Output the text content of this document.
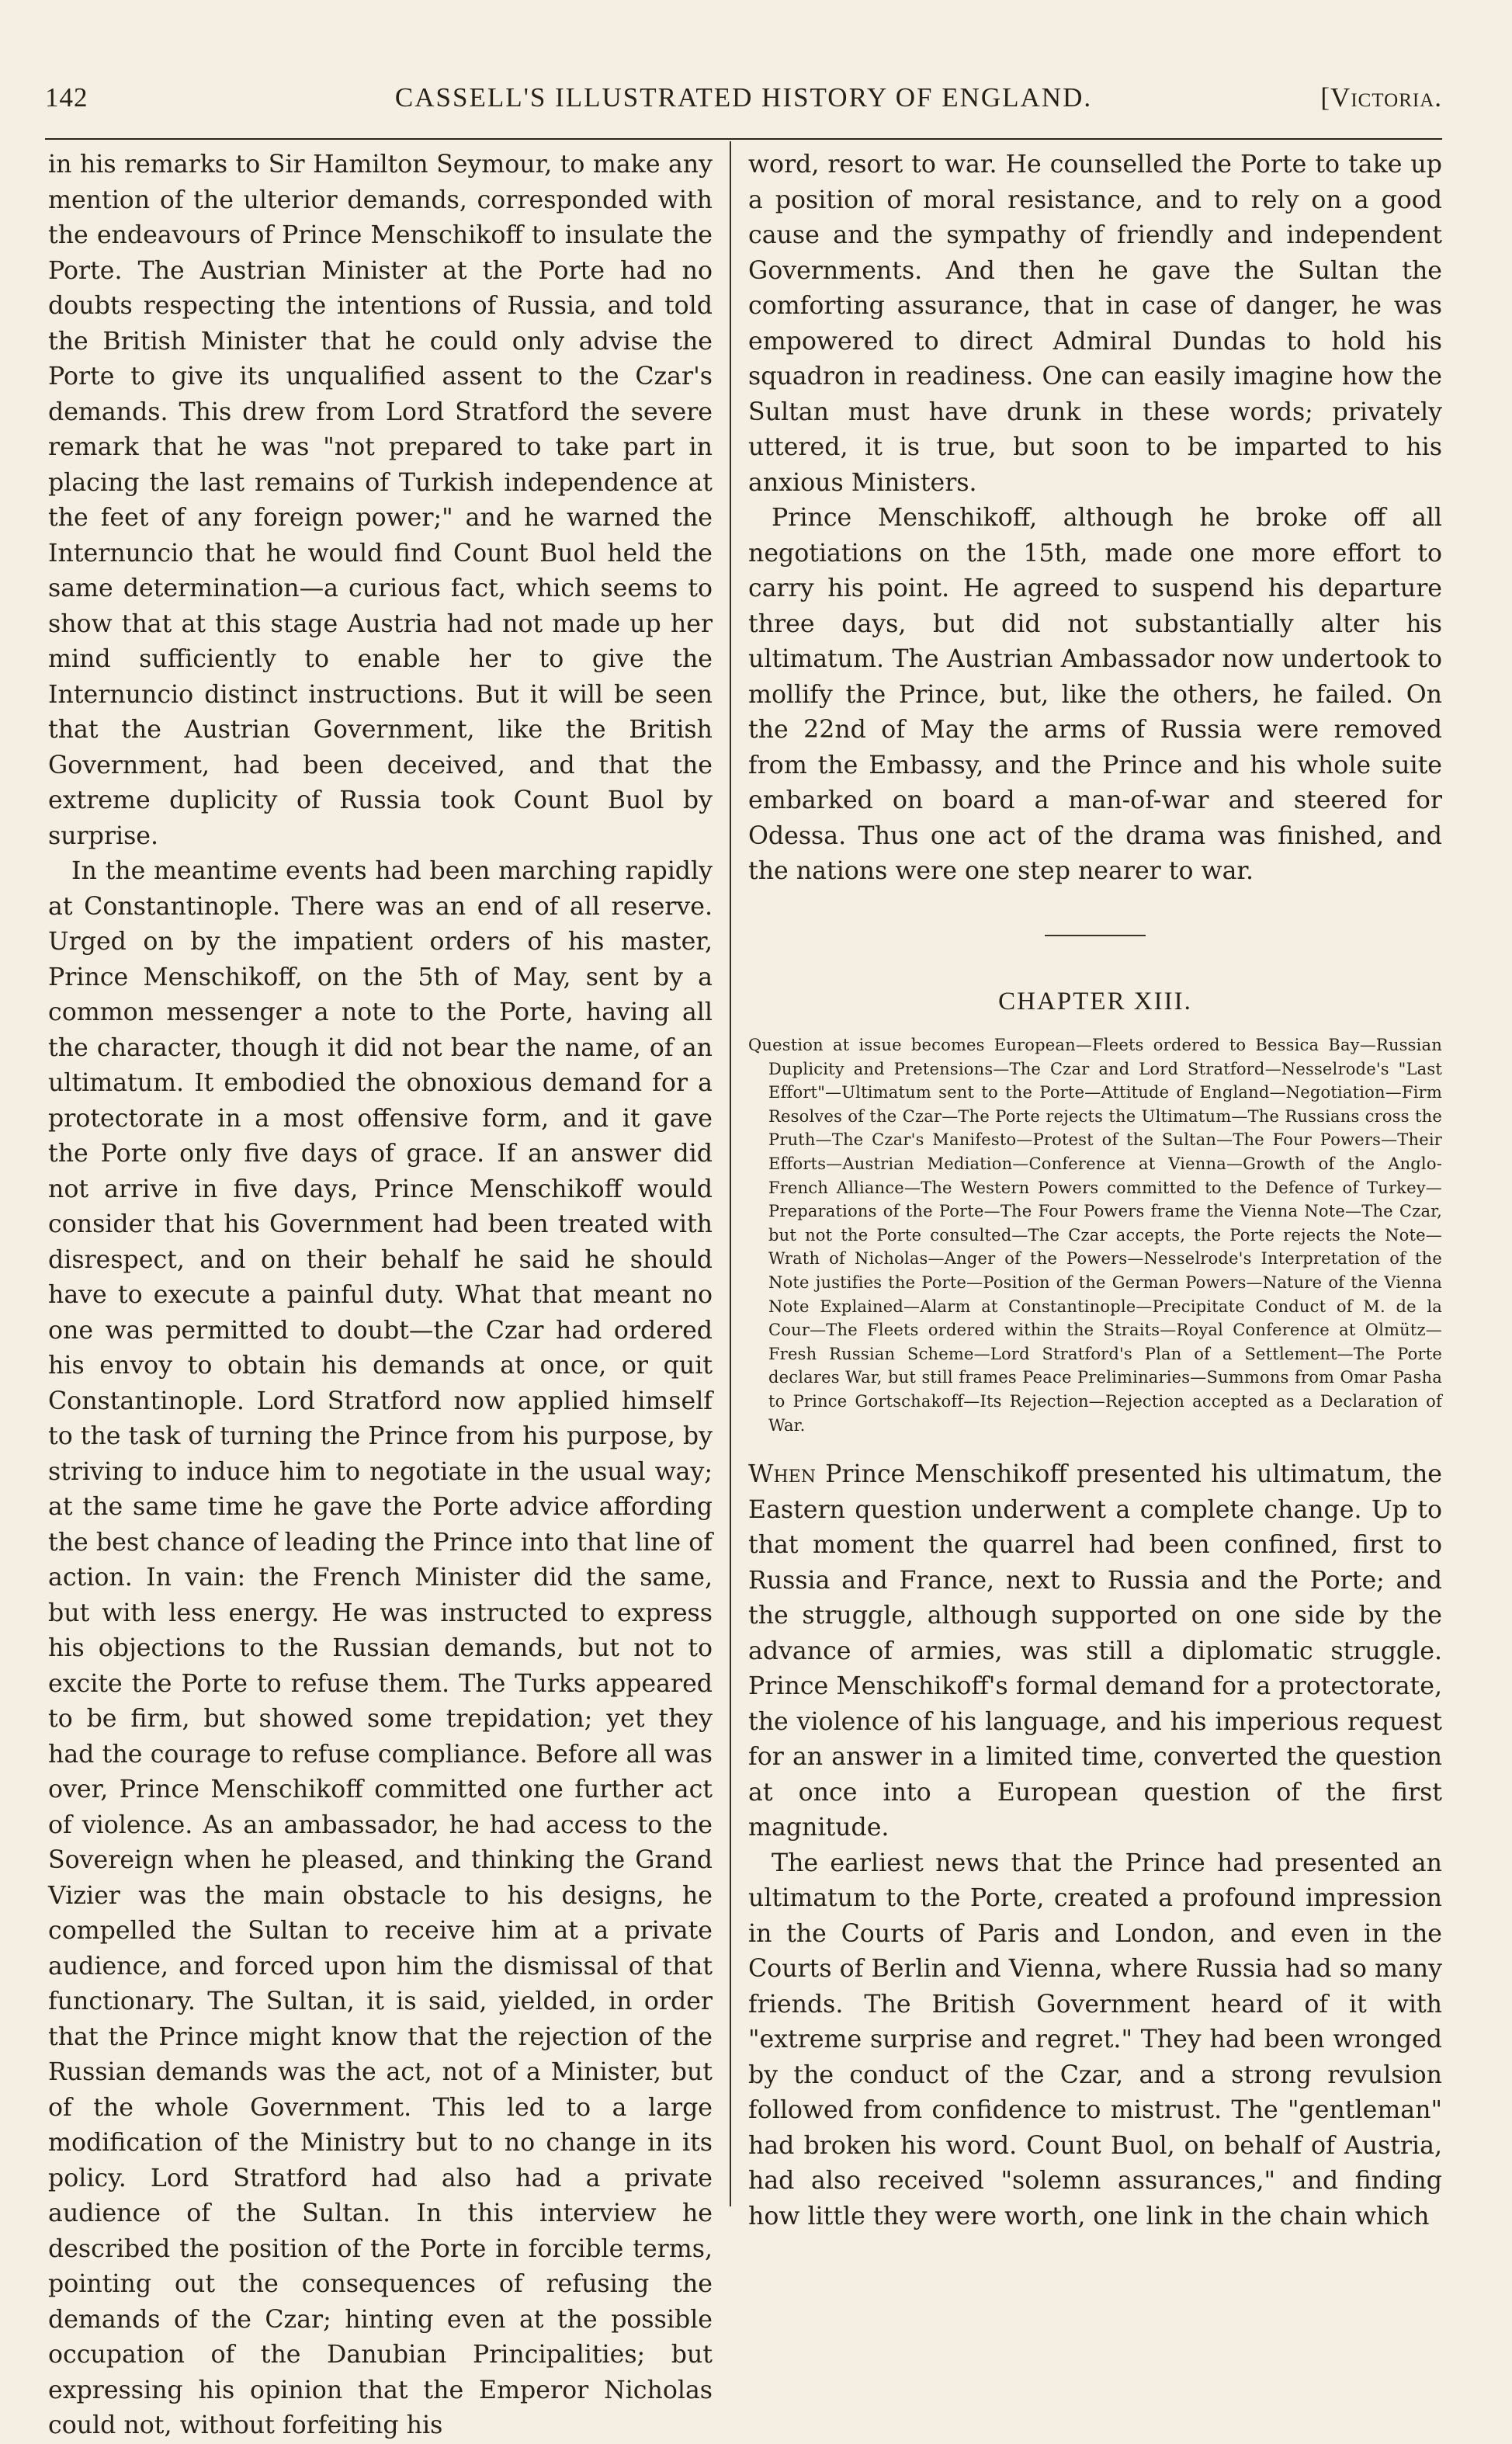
142	CASSELL'S ILLUSTRATED HISTORY OF ENGLAND.	[Victoria.

in his remarks to Sir Hamilton Seymour, to make any mention of the ulterior demands, corresponded with the endeavours of Prince Menschikoff to insulate the Porte. The Austrian Minister at the Porte had no doubts respecting the intentions of Russia, and told the British Minister that he could only advise the Porte to give its unqualified assent to the Czar's demands. This drew from Lord Stratford the severe remark that he was "not prepared to take part in placing the last remains of Turkish independence at the feet of any foreign power;" and he warned the Internuncio that he would find Count Buol held the same determination—a curious fact, which seems to show that at this stage Austria had not made up her mind sufficiently to enable her to give the Internuncio distinct instructions. But it will be seen that the Austrian Government, like the British Government, had been deceived, and that the extreme duplicity of Russia took Count Buol by surprise.

In the meantime events had been marching rapidly at Constantinople. There was an end of all reserve. Urged on by the impatient orders of his master, Prince Menschikoff, on the 5th of May, sent by a common messenger a note to the Porte, having all the character, though it did not bear the name, of an ultimatum. It embodied the obnoxious demand for a protectorate in a most offensive form, and it gave the Porte only five days of grace. If an answer did not arrive in five days, Prince Menschikoff would consider that his Government had been treated with disrespect, and on their behalf he said he should have to execute a painful duty. What that meant no one was permitted to doubt—the Czar had ordered his envoy to obtain his demands at once, or quit Constantinople. Lord Stratford now applied himself to the task of turning the Prince from his purpose, by striving to induce him to negotiate in the usual way; at the same time he gave the Porte advice affording the best chance of leading the Prince into that line of action. In vain: the French Minister did the same, but with less energy. He was instructed to express his objections to the Russian demands, but not to excite the Porte to refuse them. The Turks appeared to be firm, but showed some trepidation; yet they had the courage to refuse compliance. Before all was over, Prince Menschikoff committed one further act of violence. As an ambassador, he had access to the Sovereign when he pleased, and thinking the Grand Vizier was the main obstacle to his designs, he compelled the Sultan to receive him at a private audience, and forced upon him the dismissal of that functionary. The Sultan, it is said, yielded, in order that the Prince might know that the rejection of the Russian demands was the act, not of a Minister, but of the whole Government. This led to a large modification of the Ministry but to no change in its policy. Lord Stratford had also had a private audience of the Sultan. In this interview he described the position of the Porte in forcible terms, pointing out the consequences of refusing the demands of the Czar; hinting even at the possible occupation of the Danubian Principalities; but expressing his opinion that the Emperor Nicholas could not, without forfeiting his

word, resort to war. He counselled the Porte to take up a position of moral resistance, and to rely on a good cause and the sympathy of friendly and independent Governments. And then he gave the Sultan the comforting assurance, that in case of danger, he was empowered to direct Admiral Dundas to hold his squadron in readiness. One can easily imagine how the Sultan must have drunk in these words; privately uttered, it is true, but soon to be imparted to his anxious Ministers.

Prince Menschikoff, although he broke off all negotiations on the 15th, made one more effort to carry his point. He agreed to suspend his departure three days, but did not substantially alter his ultimatum. The Austrian Ambassador now undertook to mollify the Prince, but, like the others, he failed. On the 22nd of May the arms of Russia were removed from the Embassy, and the Prince and his whole suite embarked on board a man-of-war and steered for Odessa. Thus one act of the drama was finished, and the nations were one step nearer to war.

CHAPTER XIII.
Question at issue becomes European—Fleets ordered to Bessica Bay—Russian Duplicity and Pretensions—The Czar and Lord Stratford—Nesselrode's "Last Effort"—Ultimatum sent to the Porte—Attitude of England—Negotiation—Firm Resolves of the Czar—The Porte rejects the Ultimatum—The Russians cross the Pruth—The Czar's Manifesto—Protest of the Sultan—The Four Powers—Their Efforts—Austrian Mediation—Conference at Vienna—Growth of the Anglo-French Alliance—The Western Powers committed to the Defence of Turkey—Preparations of the Porte—The Four Powers frame the Vienna Note—The Czar, but not the Porte consulted—The Czar accepts, the Porte rejects the Note—Wrath of Nicholas—Anger of the Powers—Nesselrode's Interpretation of the Note justifies the Porte—Position of the German Powers—Nature of the Vienna Note Explained—Alarm at Constantinople—Precipitate Conduct of M. de la Cour—The Fleets ordered within the Straits—Royal Conference at Olmütz—Fresh Russian Scheme—Lord Stratford's Plan of a Settlement—The Porte declares War, but still frames Peace Preliminaries—Summons from Omar Pasha to Prince Gortschakoff—Its Rejection—Rejection accepted as a Declaration of War.

When Prince Menschikoff presented his ultimatum, the Eastern question underwent a complete change. Up to that moment the quarrel had been confined, first to Russia and France, next to Russia and the Porte; and the struggle, although supported on one side by the advance of armies, was still a diplomatic struggle. Prince Menschikoff's formal demand for a protectorate, the violence of his language, and his imperious request for an answer in a limited time, converted the question at once into a European question of the first magnitude.

The earliest news that the Prince had presented an ultimatum to the Porte, created a profound impression in the Courts of Paris and London, and even in the Courts of Berlin and Vienna, where Russia had so many friends. The British Government heard of it with "extreme surprise and regret." They had been wronged by the conduct of the Czar, and a strong revulsion followed from confidence to mistrust. The "gentleman" had broken his word. Count Buol, on behalf of Austria, had also received "solemn assurances," and finding how little they were worth, one link in the chain which
